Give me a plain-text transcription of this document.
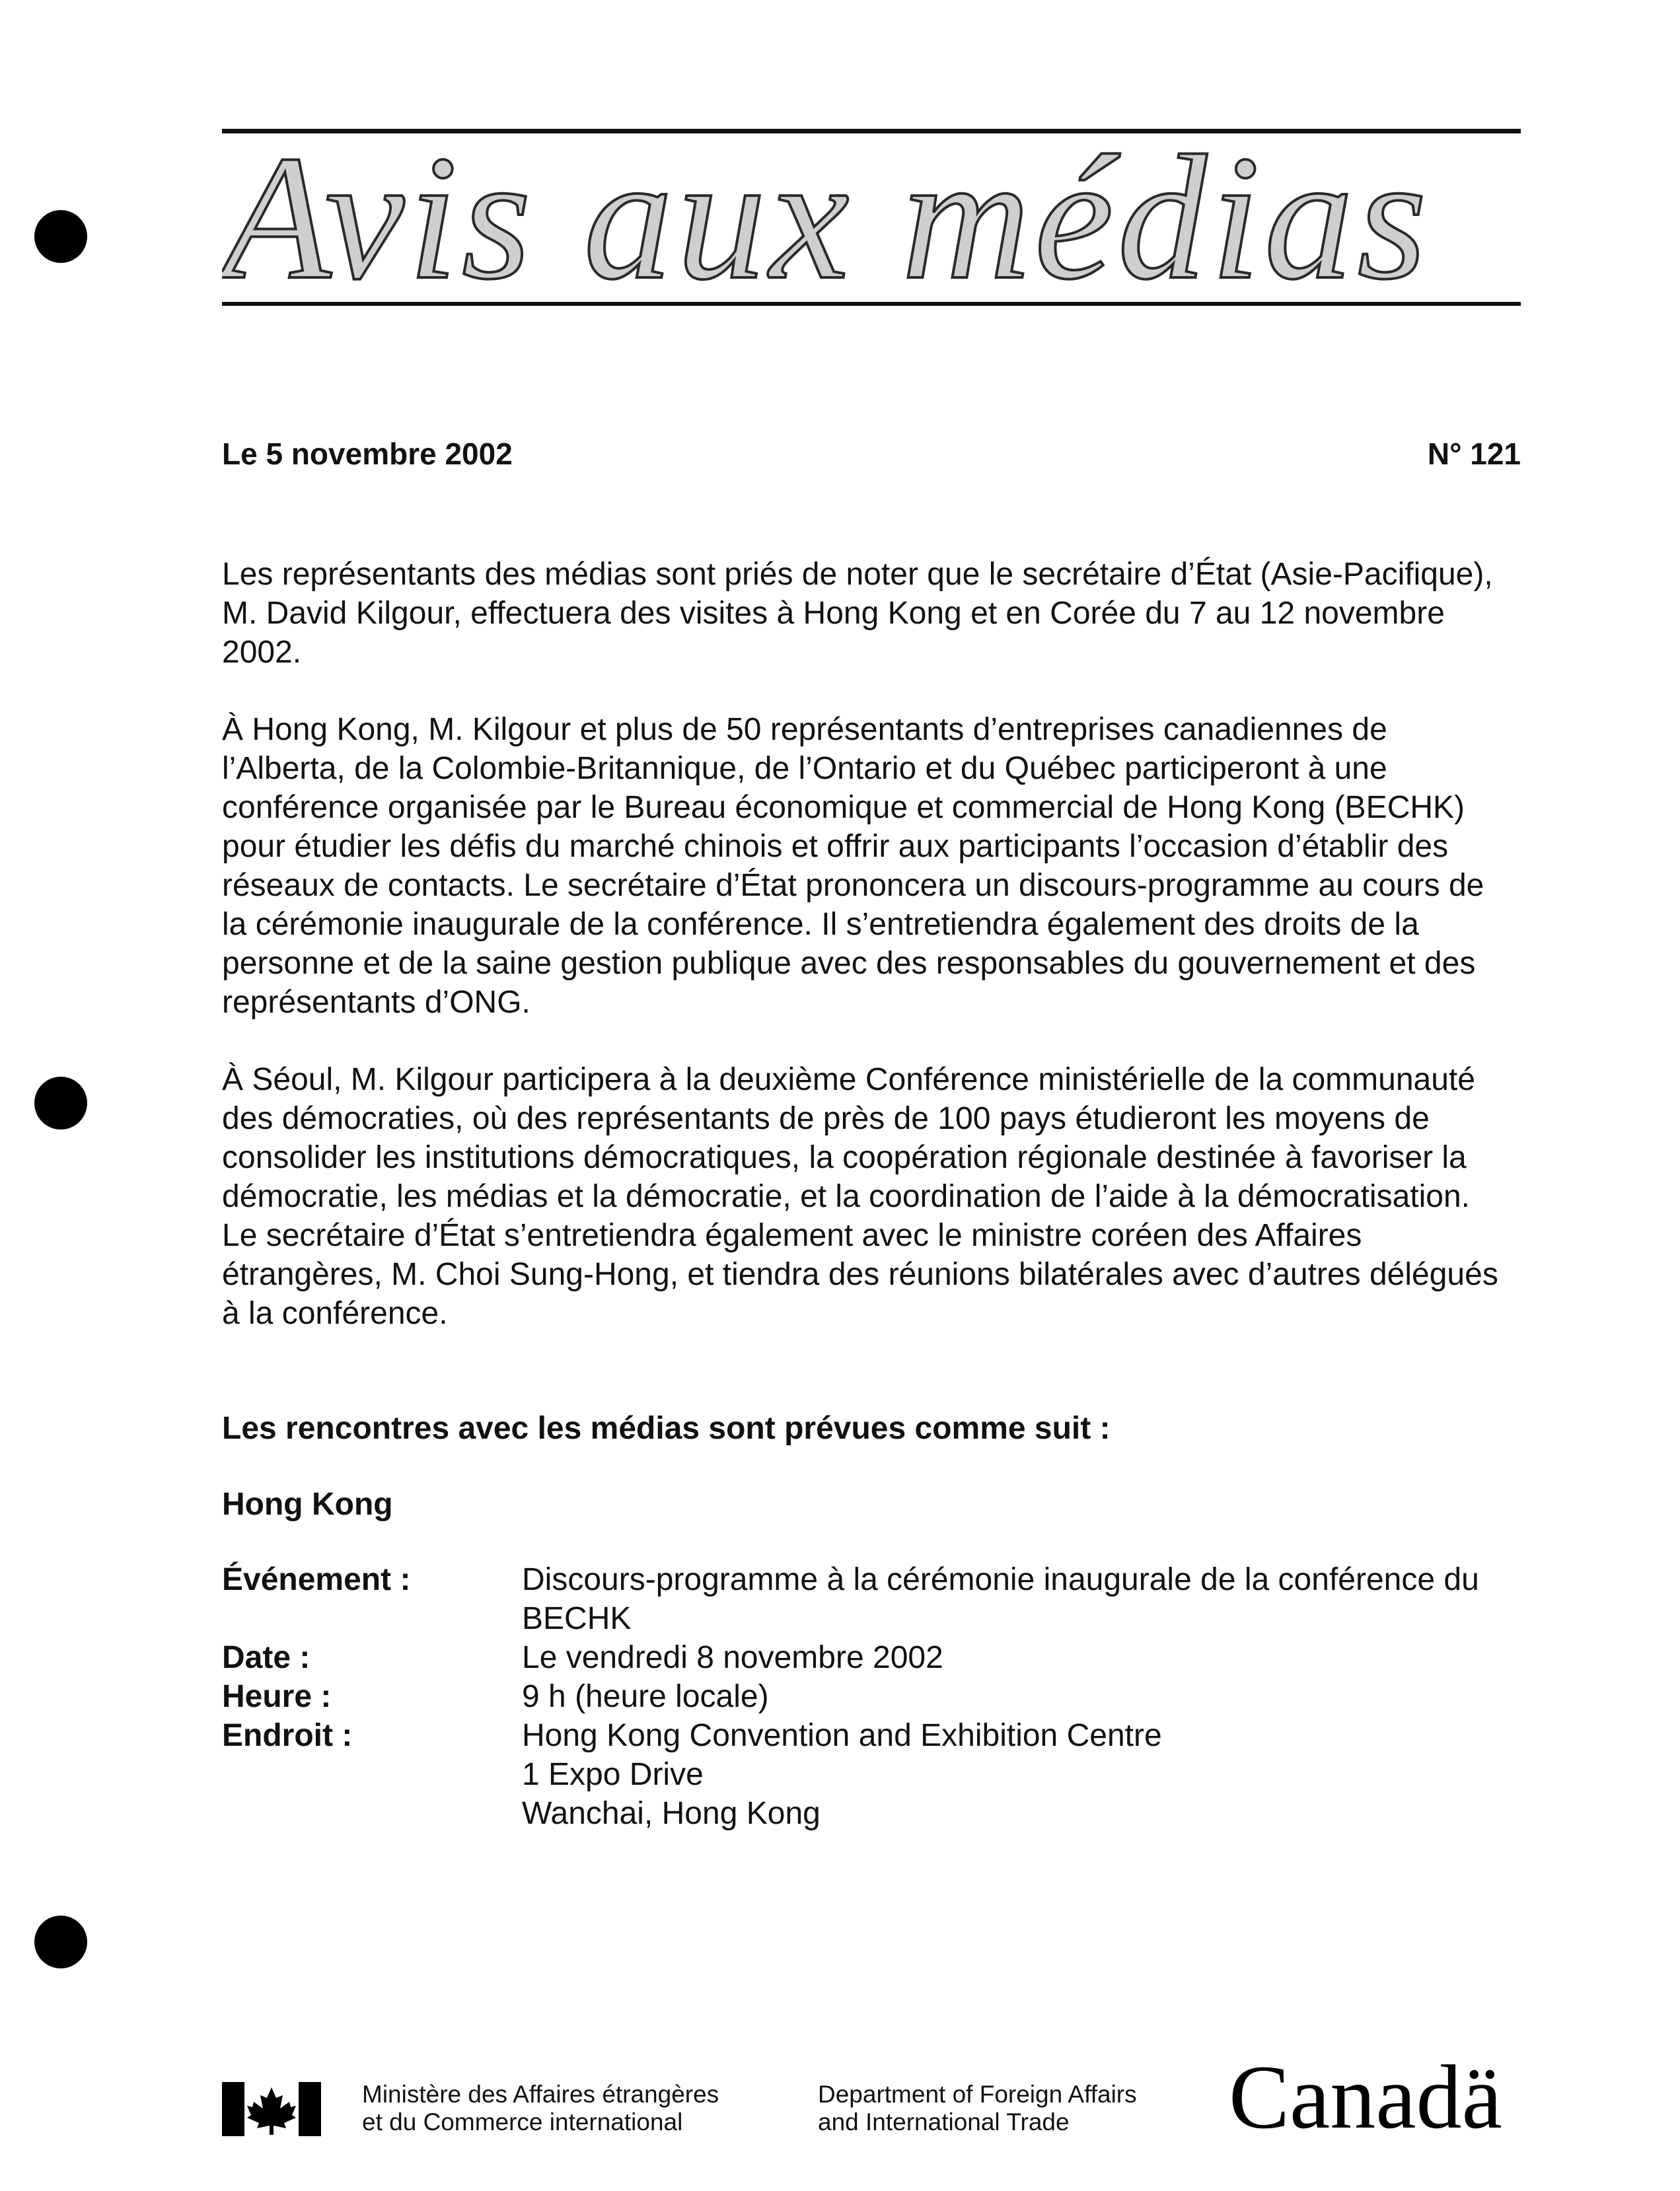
Avis aux médias
Le 5 novembre 2002	N° 121

Les représentants des médias sont priés de noter que le secrétaire d’État (Asie-Pacifique), M. David Kilgour, effectuera des visites à Hong Kong et en Corée du 7 au 12 novembre 2002.

À Hong Kong, M. Kilgour et plus de 50 représentants d’entreprises canadiennes de l’Alberta, de la Colombie-Britannique, de l’Ontario et du Québec participeront à une conférence organisée par le Bureau économique et commercial de Hong Kong (BECHK) pour étudier les défis du marché chinois et offrir aux participants l’occasion d’établir des réseaux de contacts. Le secrétaire d’État prononcera un discours-programme au cours de la cérémonie inaugurale de la conférence. Il s’entretiendra également des droits de la personne et de la saine gestion publique avec des responsables du gouvernement et des représentants d’ONG.

À Séoul, M. Kilgour participera à la deuxième Conférence ministérielle de la communauté des démocraties, où des représentants de près de 100 pays étudieront les moyens de consolider les institutions démocratiques, la coopération régionale destinée à favoriser la démocratie, les médias et la démocratie, et la coordination de l’aide à la démocratisation. Le secrétaire d’État s’entretiendra également avec le ministre coréen des Affaires étrangères, M. Choi Sung-Hong, et tiendra des réunions bilatérales avec d’autres délégués à la conférence.

Les rencontres avec les médias sont prévues comme suit :
Hong Kong
Événement :	Discours-programme à la cérémonie inaugurale de la conférence du BECHK
Date :	Le vendredi 8 novembre 2002
Heure :	9 h (heure locale)
Endroit :	Hong Kong Convention and Exhibition Centre
1 Expo Drive
Wanchai, Hong Kong
Ministère des Affaires étrangères
et du Commerce international
Department of Foreign Affairs
and International Trade	Canadä
